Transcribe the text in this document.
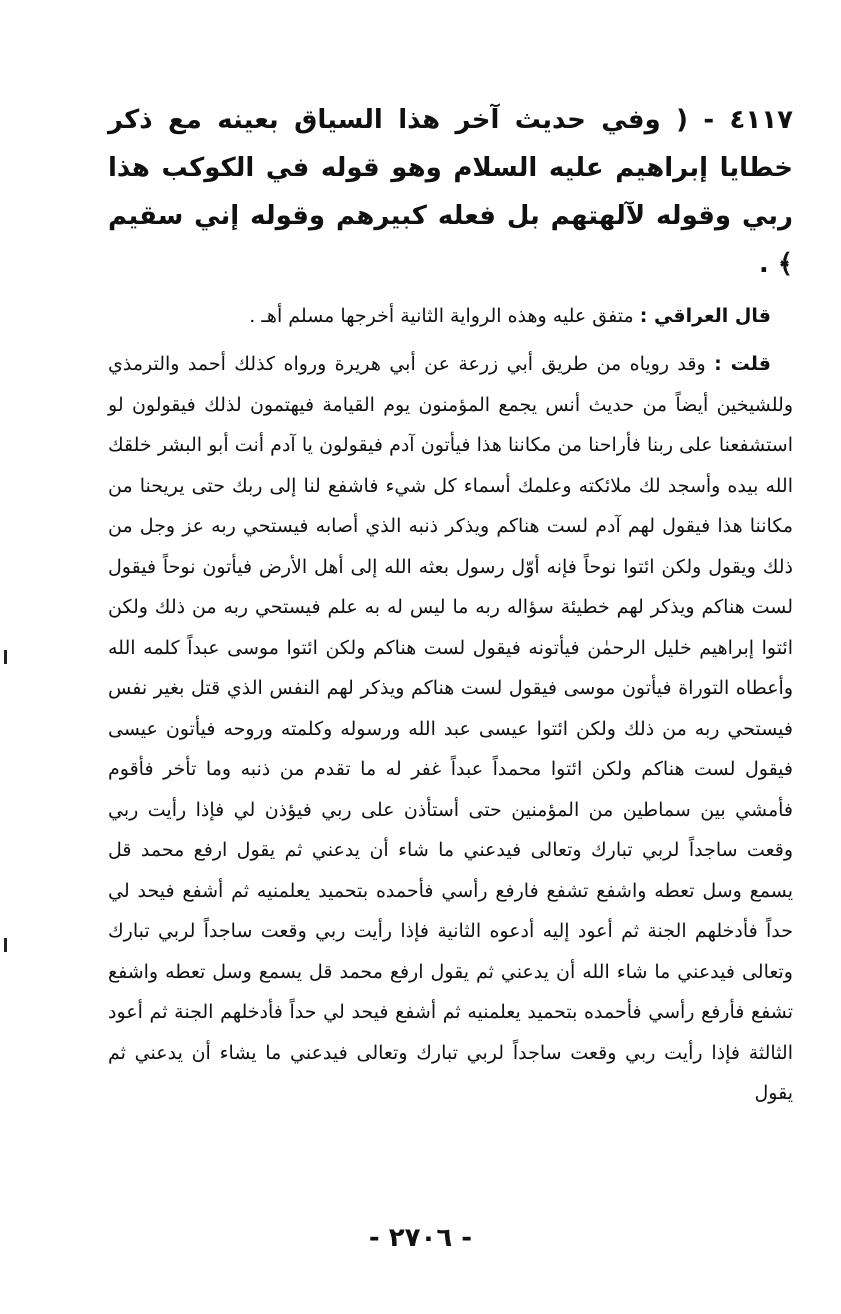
٤١١٧ - ( وفي حديث آخر هذا السياق بعينه مع ذكر خطايا إبراهيم عليه السلام وهو قوله في الكوكب هذا ربي وقوله لآلهتهم بل فعله كبيرهم وقوله إني سقيم ﴾ .

قال العراقي : متفق عليه وهذه الرواية الثانية أخرجها مسلم أهـ .

قلت : وقد روياه من طريق أبي زرعة عن أبي هريرة ورواه كذلك أحمد والترمذي وللشيخين أيضاً من حديث أنس يجمع المؤمنون يوم القيامة فيهتمون لذلك فيقولون لو استشفعنا على ربنا فأراحنا من مكاننا هذا فيأتون آدم فيقولون يا آدم أنت أبو البشر خلقك الله بيده وأسجد لك ملائكته وعلمك أسماء كل شيء فاشفع لنا إلى ربك حتى يريحنا من مكاننا هذا فيقول لهم آدم لست هناكم ويذكر ذنبه الذي أصابه فيستحي ربه عز وجل من ذلك ويقول ولكن ائتوا نوحاً فإنه أوّل رسول بعثه الله إلى أهل الأرض فيأتون نوحاً فيقول لست هناكم ويذكر لهم خطيئة سؤاله ربه ما ليس له به علم فيستحي ربه من ذلك ولكن ائتوا إبراهيم خليل الرحمٰن فيأتونه فيقول لست هناكم ولكن ائتوا موسى عبداً كلمه الله وأعطاه التوراة فيأتون موسى فيقول لست هناكم ويذكر لهم النفس الذي قتل بغير نفس فيستحي ربه من ذلك ولكن ائتوا عيسى عبد الله ورسوله وكلمته وروحه فيأتون عيسى فيقول لست هناكم ولكن ائتوا محمداً عبداً غفر له ما تقدم من ذنبه وما تأخر فأقوم فأمشي بين سماطين من المؤمنين حتى أستأذن على ربي فيؤذن لي فإذا رأيت ربي وقعت ساجداً لربي تبارك وتعالى فيدعني ما شاء أن يدعني ثم يقول ارفع محمد قل يسمع وسل تعطه واشفع تشفع فارفع رأسي فأحمده بتحميد يعلمنيه ثم أشفع فيحد لي حداً فأدخلهم الجنة ثم أعود إليه أدعوه الثانية فإذا رأيت ربي وقعت ساجداً لربي تبارك وتعالى فيدعني ما شاء الله أن يدعني ثم يقول ارفع محمد قل يسمع وسل تعطه واشفع تشفع فأرفع رأسي فأحمده بتحميد يعلمنيه ثم أشفع فيحد لي حداً فأدخلهم الجنة ثم أعود الثالثة فإذا رأيت ربي وقعت ساجداً لربي تبارك وتعالى فيدعني ما يشاء أن يدعني ثم يقول

- ٢٧٠٦ -
